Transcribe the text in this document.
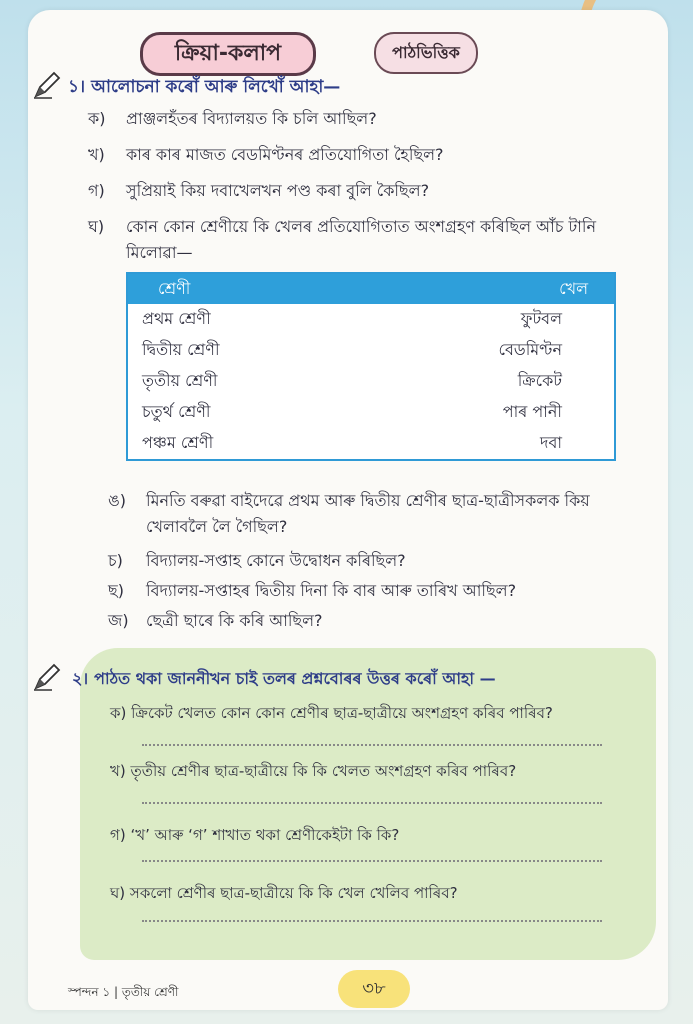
ক্রিয়া-কলাপ	পাঠভিত্তিক
১। আলোচনা কৰোঁ আৰু লিখোঁ আহা—
ক) প্ৰাঞ্জলহঁতৰ বিদ্যালয়ত কি চলি আছিল?
খ) কাৰ কাৰ মাজত বেডমিণ্টনৰ প্ৰতিযোগিতা হৈছিল?
গ) সুপ্ৰিয়াই কিয় দবাখেলখন পণ্ড কৰা বুলি কৈছিল?
ঘ)	কোন কোন শ্ৰেণীয়ে কি খেলৰ প্ৰতিযোগিতাত অংশগ্ৰহণ কৰিছিল আঁচ টানি মিলোৱা—
শ্ৰেণী	খেল
প্ৰথম শ্ৰেণী	ফুটবল
দ্বিতীয় শ্ৰেণী	বেডমিণ্টন
তৃতীয় শ্ৰেণী	ক্ৰিকেট
চতুৰ্থ শ্ৰেণী	পাৰ পানী
পঞ্চম শ্ৰেণী	দবা
ঙ)	মিনতি বৰুৱা বাইদেৱে প্ৰথম আৰু দ্বিতীয় শ্ৰেণীৰ ছাত্ৰ-ছাত্ৰীসকলক কিয় খেলাবলৈ লৈ গৈছিল?
চ) বিদ্যালয়-সপ্তাহ কোনে উদ্বোধন কৰিছিল?
ছ) বিদ্যালয়-সপ্তাহৰ দ্বিতীয় দিনা কি বাৰ আৰু তাৰিখ আছিল?
জ) ছেত্ৰী ছাৰে কি কৰি আছিল?
২। পাঠত থকা জাননীখন চাই তলৰ প্ৰশ্নবোৰৰ উত্তৰ কৰোঁ আহা —
ক) ক্ৰিকেট খেলত কোন কোন শ্ৰেণীৰ ছাত্ৰ-ছাত্ৰীয়ে অংশগ্ৰহণ কৰিব পাৰিব?
খ) তৃতীয় শ্ৰেণীৰ ছাত্ৰ-ছাত্ৰীয়ে কি কি খেলত অংশগ্ৰহণ কৰিব পাৰিব?
গ) ‘খ’ আৰু ‘গ’ শাখাত থকা শ্ৰেণীকেইটা কি কি?
ঘ) সকলো শ্ৰেণীৰ ছাত্ৰ-ছাত্ৰীয়ে কি কি খেল খেলিব পাৰিব?
স্পন্দন ১ | তৃতীয় শ্ৰেণী	৩৮
